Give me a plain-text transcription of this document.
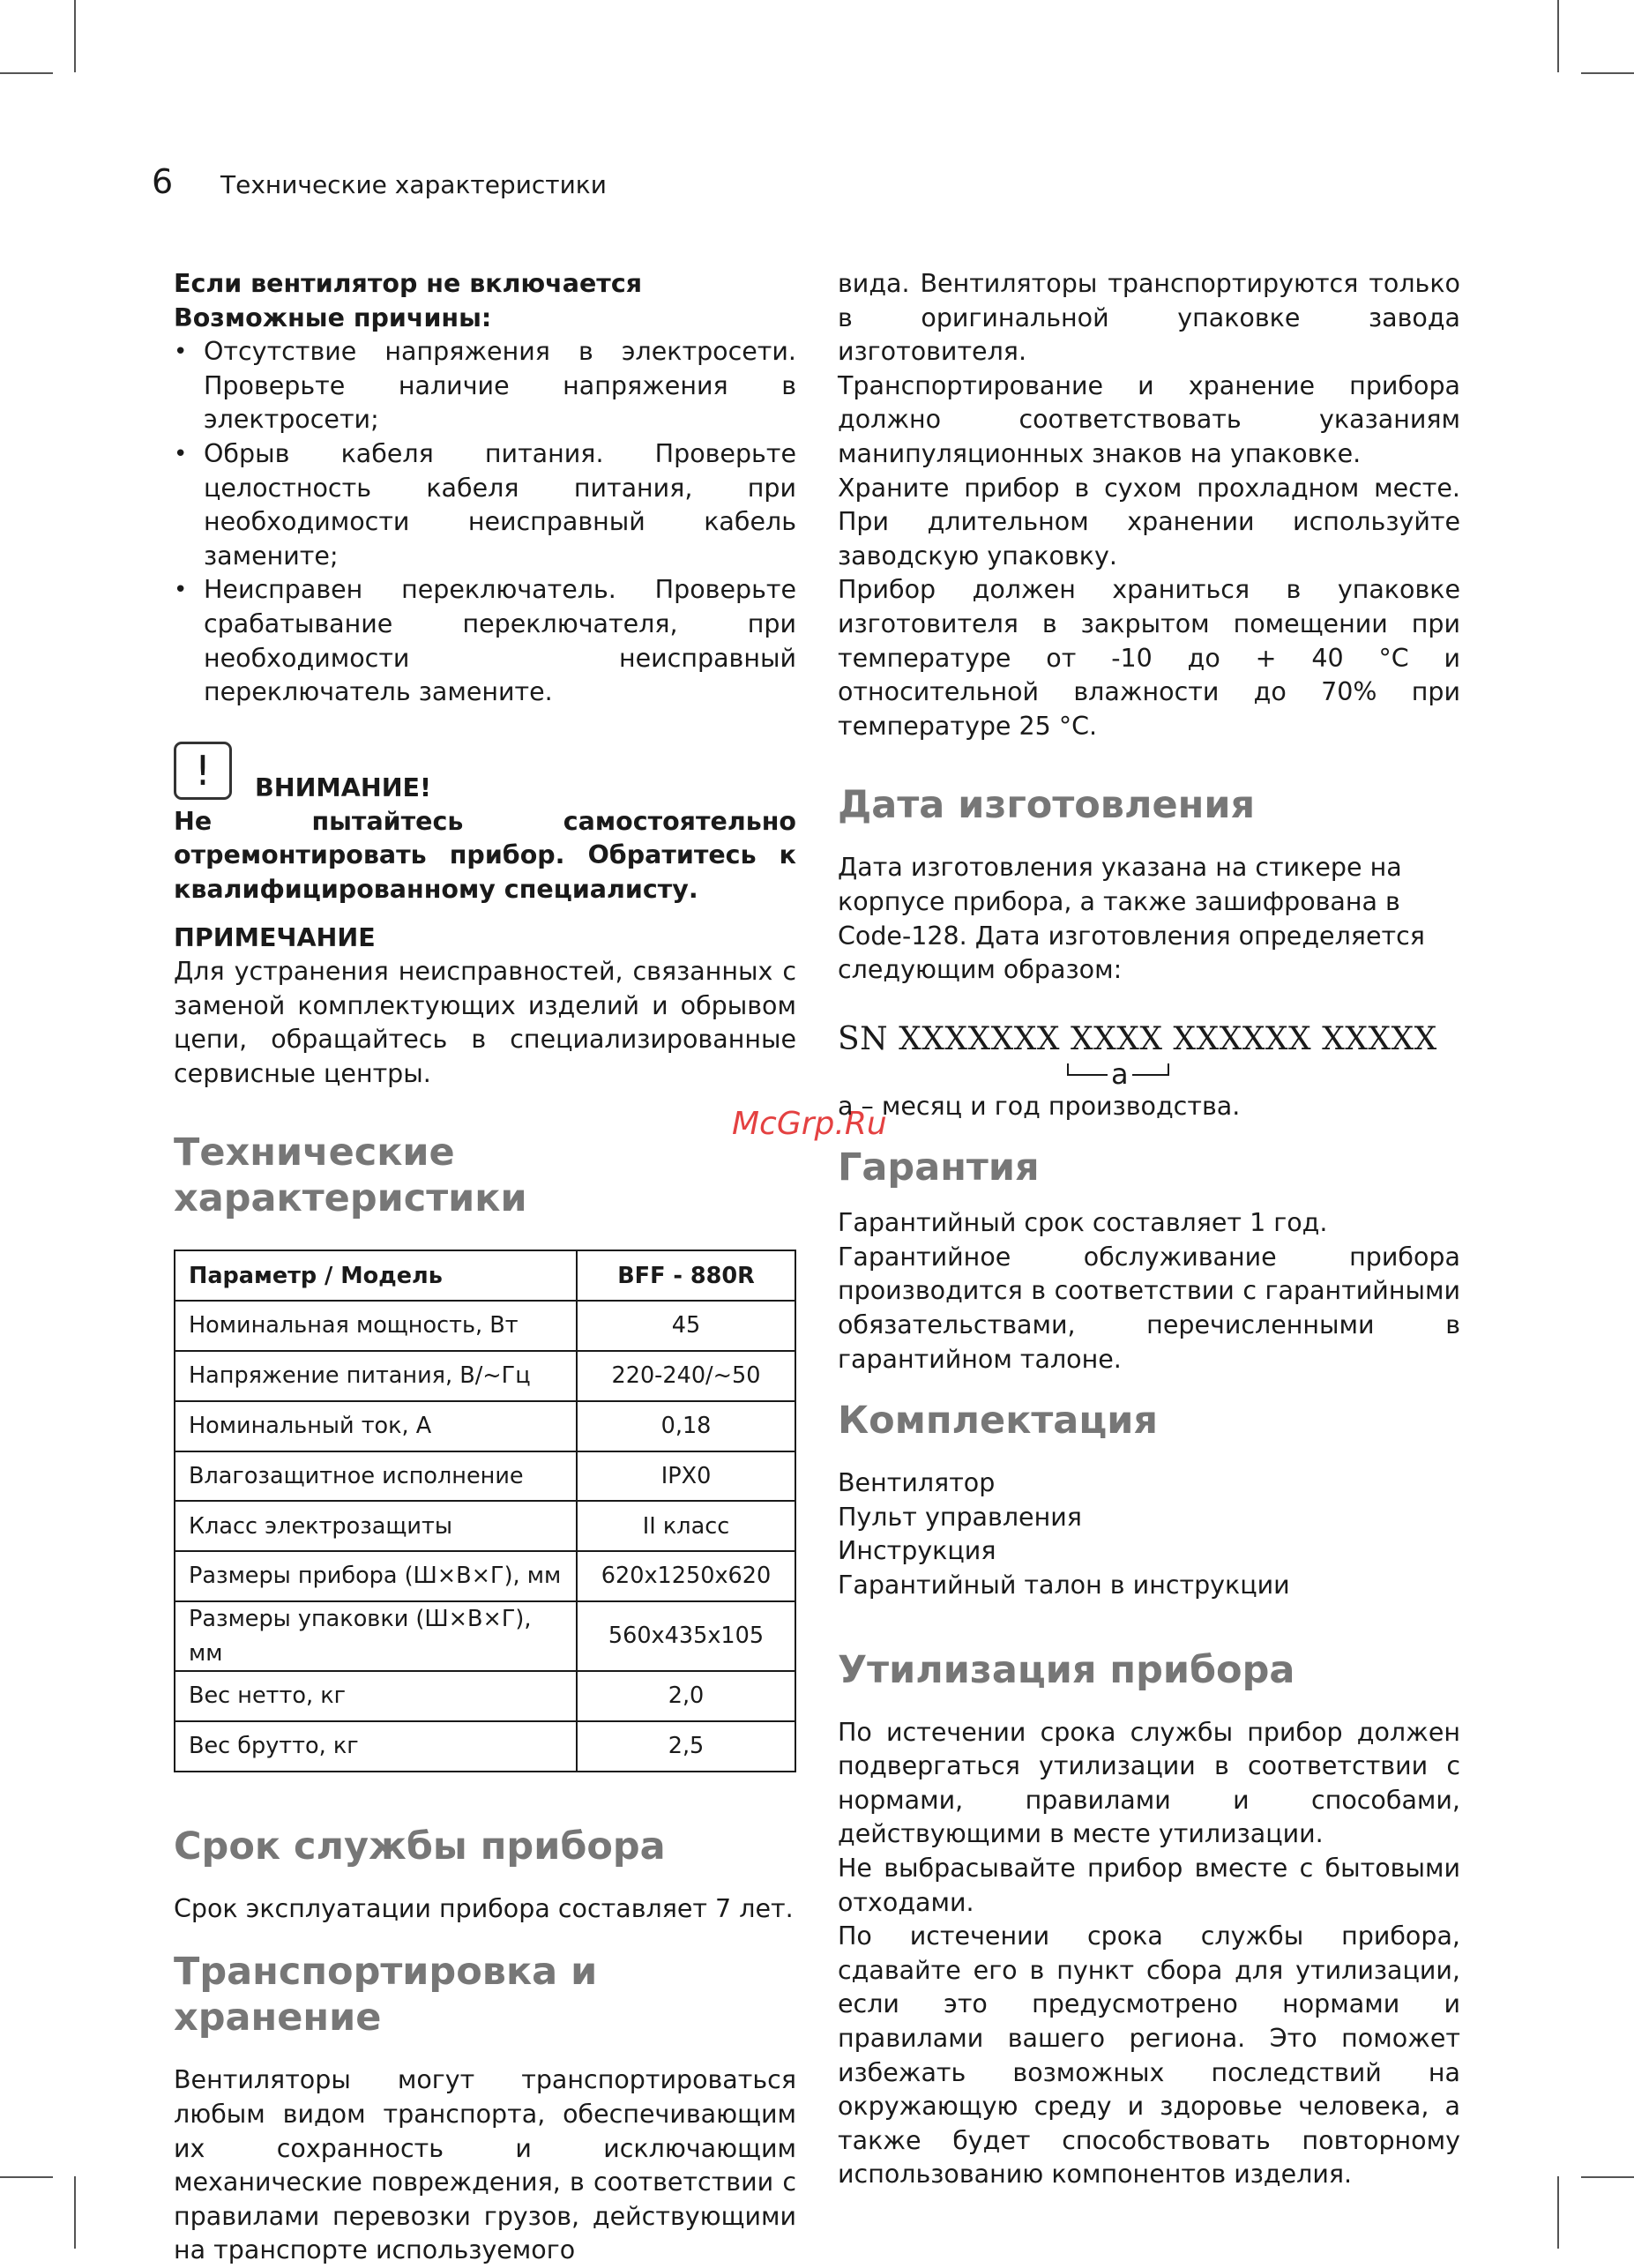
6 Технические характеристики
McGrp.Ru

Если вентилятор не включается

Возможные причины:

• Отсутствие напряжения в электросети. Проверьте наличие напряжения в электросети;
• Обрыв кабеля питания. Проверьте целостность кабеля питания, при необходимости неисправный кабель замените;
• Неисправен переключатель. Проверьте срабатывание переключателя, при необходимости неисправный переключатель замените.
!	ВНИМАНИЕ!

Не пытайтесь самостоятельно отремонтировать прибор. Обратитесь к квалифицированному специалисту.

ПРИМЕЧАНИЕ

Для устранения неисправностей, связанных с заменой комплектующих изделий и обрывом цепи, обращайтесь в специализированные сервисные центры.

Технические характеристики
Параметр / Модель	BFF - 880R
Номинальная мощность, Вт	45
Напряжение питания, В/~Гц	220-240/~50
Номинальный ток, А	0,18
Влагозащитное исполнение	IPX0
Класс электрозащиты	II класс
Размеры прибора (Ш×В×Г), мм	620x1250x620
Размеры упаковки (Ш×В×Г), мм	560x435x105
Вес нетто, кг	2,0
Вес брутто, кг	2,5
Срок службы прибора

Срок эксплуатации прибора составляет 7 лет.

Транспортировка и хранение

Вентиляторы могут транспортироваться любым видом транспорта, обеспечивающим их сохранность и исключающим механические повреждения, в соответствии с правилами перевозки грузов, действующими на транспорте используемого

вида. Вентиляторы транспортируются только в оригинальной упаковке завода изготовителя.

Транспортирование и хранение прибора должно соответствовать указаниям манипуляционных знаков на упаковке.

Храните прибор в сухом прохладном месте. При длительном хранении используйте заводскую упаковку.

Прибор должен храниться в упаковке изготовителя в закрытом помещении при температуре от -10 до + 40 °С и относительной влажности до 70% при температуре 25 °С.

Дата изготовления

Дата изготовления указана на стикере на корпусе прибора, а также зашифрована в Code-128. Дата изготовления определяется следующим образом:

SN XXXXXXX XXXX XXXXXX XXXXX
a

a – месяц и год производства.

Гарантия

Гарантийный срок составляет 1 год.

Гарантийное обслуживание прибора производится в соответствии с гарантийными обязательствами, перечисленными в гарантийном талоне.

Комплектация

Вентилятор

Пульт управления

Инструкция

Гарантийный талон в инструкции

Утилизация прибора

По истечении срока службы прибор должен подвергаться утилизации в соответствии с нормами, правилами и способами, действующими в месте утилизации.

Не выбрасывайте прибор вместе с бытовыми отходами.

По истечении срока службы прибора, сдавайте его в пункт сбора для утилизации, если это предусмотрено нормами и правилами вашего региона. Это поможет избежать возможных последствий на окружающую среду и здоровье человека, а также будет способствовать повторному использованию компонентов изделия.
